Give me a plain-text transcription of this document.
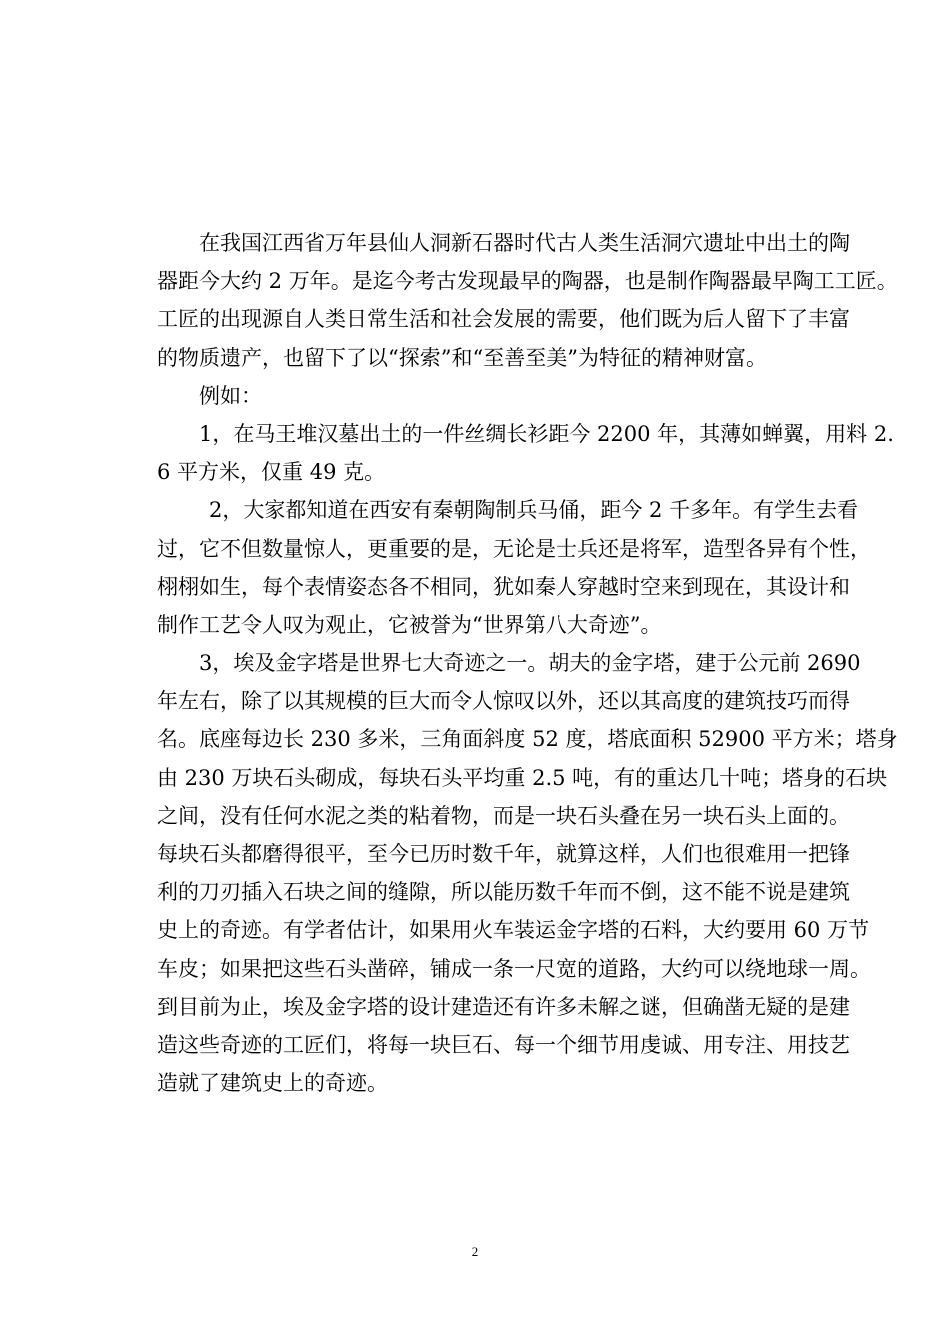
在我国江西省万年县仙人洞新石器时代古人类生活洞穴遗址中出土的陶
器距今大约 2 万年。是迄今考古发现最早的陶器，也是制作陶器最早陶工工匠。
工匠的出现源自人类日常生活和社会发展的需要，他们既为后人留下了丰富
的物质遗产，也留下了以“探索”和“至善至美”为特征的精神财富。
例如：
1，在马王堆汉墓出土的一件丝绸长衫距今 2200 年，其薄如蝉翼，用料 2.
6 平方米，仅重 49 克。
2，大家都知道在西安有秦朝陶制兵马俑，距今 2 千多年。有学生去看
过，它不但数量惊人，更重要的是，无论是士兵还是将军，造型各异有个性，
栩栩如生，每个表情姿态各不相同，犹如秦人穿越时空来到现在，其设计和
制作工艺令人叹为观止，它被誉为“世界第八大奇迹”。
3，埃及金字塔是世界七大奇迹之一。胡夫的金字塔，建于公元前 2690
年左右，除了以其规模的巨大而令人惊叹以外，还以其高度的建筑技巧而得
名。底座每边长 230 多米，三角面斜度 52 度，塔底面积 52900 平方米；塔身
由 230 万块石头砌成，每块石头平均重 2.5 吨，有的重达几十吨；塔身的石块
之间，没有任何水泥之类的粘着物，而是一块石头叠在另一块石头上面的。
每块石头都磨得很平，至今已历时数千年，就算这样，人们也很难用一把锋
利的刀刃插入石块之间的缝隙，所以能历数千年而不倒，这不能不说是建筑
史上的奇迹。有学者估计，如果用火车装运金字塔的石料，大约要用 60 万节
车皮；如果把这些石头凿碎，铺成一条一尺宽的道路，大约可以绕地球一周。
到目前为止，埃及金字塔的设计建造还有许多未解之谜，但确凿无疑的是建
造这些奇迹的工匠们，将每一块巨石、每一个细节用虔诚、用专注、用技艺
造就了建筑史上的奇迹。
2
